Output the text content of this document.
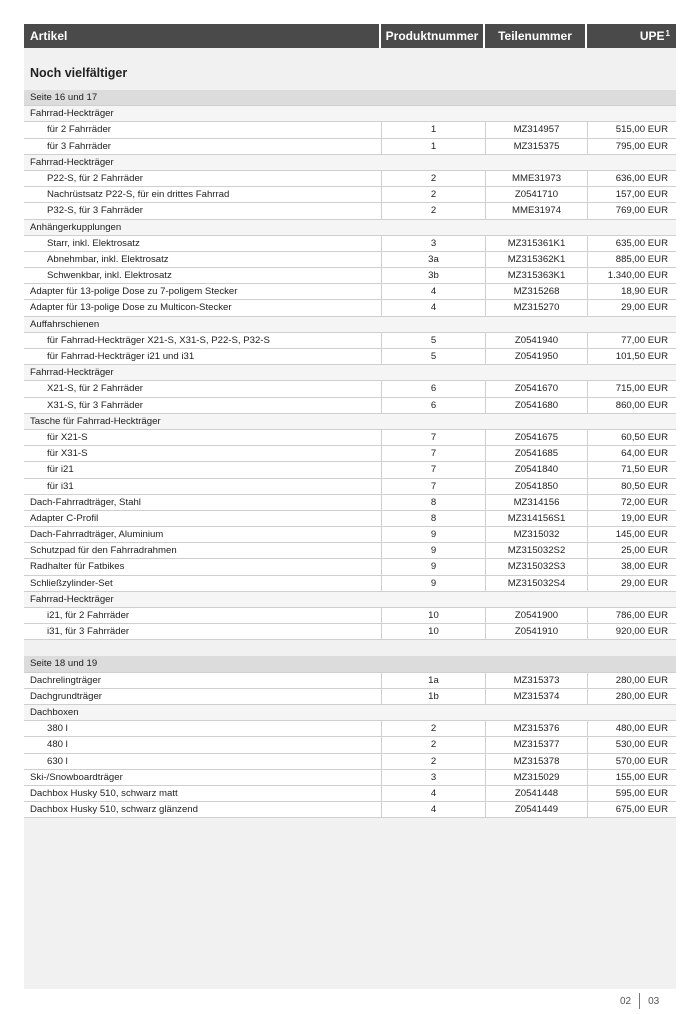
Artikel	Produktnummer	Teilenummer	UPE$^1$
Noch vielfältiger
Seite 16 und 17
Fahrrad-Heckträger
für 2 Fahrräder	1	MZ314957	515,00 EUR
für 3 Fahrräder	1	MZ315375	795,00 EUR
Fahrrad-Heckträger
P22-S, für 2 Fahrräder	2	MME31973	636,00 EUR
Nachrüstsatz P22-S, für ein drittes Fahrrad	2	Z0541710	157,00 EUR
P32-S, für 3 Fahrräder	2	MME31974	769,00 EUR
Anhängerkupplungen
Starr, inkl. Elektrosatz	3	MZ315361K1	635,00 EUR
Abnehmbar, inkl. Elektrosatz	3a	MZ315362K1	885,00 EUR
Schwenkbar, inkl. Elektrosatz	3b	MZ315363K1	1.340,00 EUR
Adapter für 13-polige Dose zu 7-poligem Stecker	4	MZ315268	18,90 EUR
Adapter für 13-polige Dose zu Multicon-Stecker	4	MZ315270	29,00 EUR
Auffahrschienen
für Fahrrad-Heckträger X21-S, X31-S, P22-S, P32-S	5	Z0541940	77,00 EUR
für Fahrrad-Heckträger i21 und i31	5	Z0541950	101,50 EUR
Fahrrad-Heckträger
X21-S, für 2 Fahrräder	6	Z0541670	715,00 EUR
X31-S, für 3 Fahrräder	6	Z0541680	860,00 EUR
Tasche für Fahrrad-Heckträger
für X21-S	7	Z0541675	60,50 EUR
für X31-S	7	Z0541685	64,00 EUR
für i21	7	Z0541840	71,50 EUR
für i31	7	Z0541850	80,50 EUR
Dach-Fahrradträger, Stahl	8	MZ314156	72,00 EUR
Adapter C-Profil	8	MZ314156S1	19,00 EUR
Dach-Fahrradträger, Aluminium	9	MZ315032	145,00 EUR
Schutzpad für den Fahrradrahmen	9	MZ315032S2	25,00 EUR
Radhalter für Fatbikes	9	MZ315032S3	38,00 EUR
Schließzylinder-Set	9	MZ315032S4	29,00 EUR
Fahrrad-Heckträger
i21, für 2 Fahrräder	10	Z0541900	786,00 EUR
i31, für 3 Fahrräder	10	Z0541910	920,00 EUR
Seite 18 und 19
Dachrelingträger	1a	MZ315373	280,00 EUR
Dachgrundträger	1b	MZ315374	280,00 EUR
Dachboxen
380 l	2	MZ315376	480,00 EUR
480 l	2	MZ315377	530,00 EUR
630 l	2	MZ315378	570,00 EUR
Ski-/Snowboardträger	3	MZ315029	155,00 EUR
Dachbox Husky 510, schwarz matt	4	Z0541448	595,00 EUR
Dachbox Husky 510, schwarz glänzend	4	Z0541449	675,00 EUR
02 03
